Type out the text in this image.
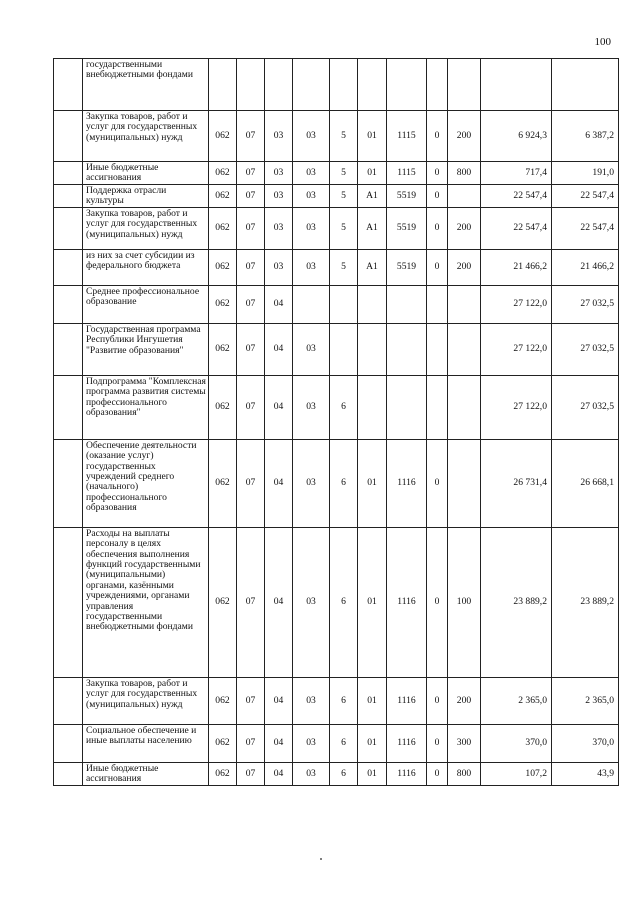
100
	государственными внебюджетными фондами											
	Закупка товаров, работ и услуг для государственных (муниципальных) нужд	062	07	03	03	5	01	1115	0	200	6 924,3	6 387,2
	Иные бюджетные ассигнования	062	07	03	03	5	01	1115	0	800	717,4	191,0
	Поддержка отрасли культуры	062	07	03	03	5	A1	5519	0		22 547,4	22 547,4
	Закупка товаров, работ и услуг для государственных (муниципальных) нужд	062	07	03	03	5	A1	5519	0	200	22 547,4	22 547,4
	из них за счет субсидии из федерального бюджета	062	07	03	03	5	A1	5519	0	200	21 466,2	21 466,2
	Среднее профессиональное образование	062	07	04							27 122,0	27 032,5
	Государственная программа Республики Ингушетия "Развитие образования"	062	07	04	03						27 122,0	27 032,5
	Подпрограмма "Комплексная программа развития системы профессионального образования"	062	07	04	03	6					27 122,0	27 032,5
	Обеспечение деятельности (оказание услуг) государственных учреждений среднего (начального) профессионального образования	062	07	04	03	6	01	1116	0		26 731,4	26 668,1
	Расходы на выплаты персоналу в целях обеспечения выполнения функций государственными (муниципальными) органами, казёнными учреждениями, органами управления государственными внебюджетными фондами	062	07	04	03	6	01	1116	0	100	23 889,2	23 889,2
	Закупка товаров, работ и услуг для государственных (муниципальных) нужд	062	07	04	03	6	01	1116	0	200	2 365,0	2 365,0
	Социальное обеспечение и иные выплаты населению	062	07	04	03	6	01	1116	0	300	370,0	370,0
	Иные бюджетные ассигнования	062	07	04	03	6	01	1116	0	800	107,2	43,9
